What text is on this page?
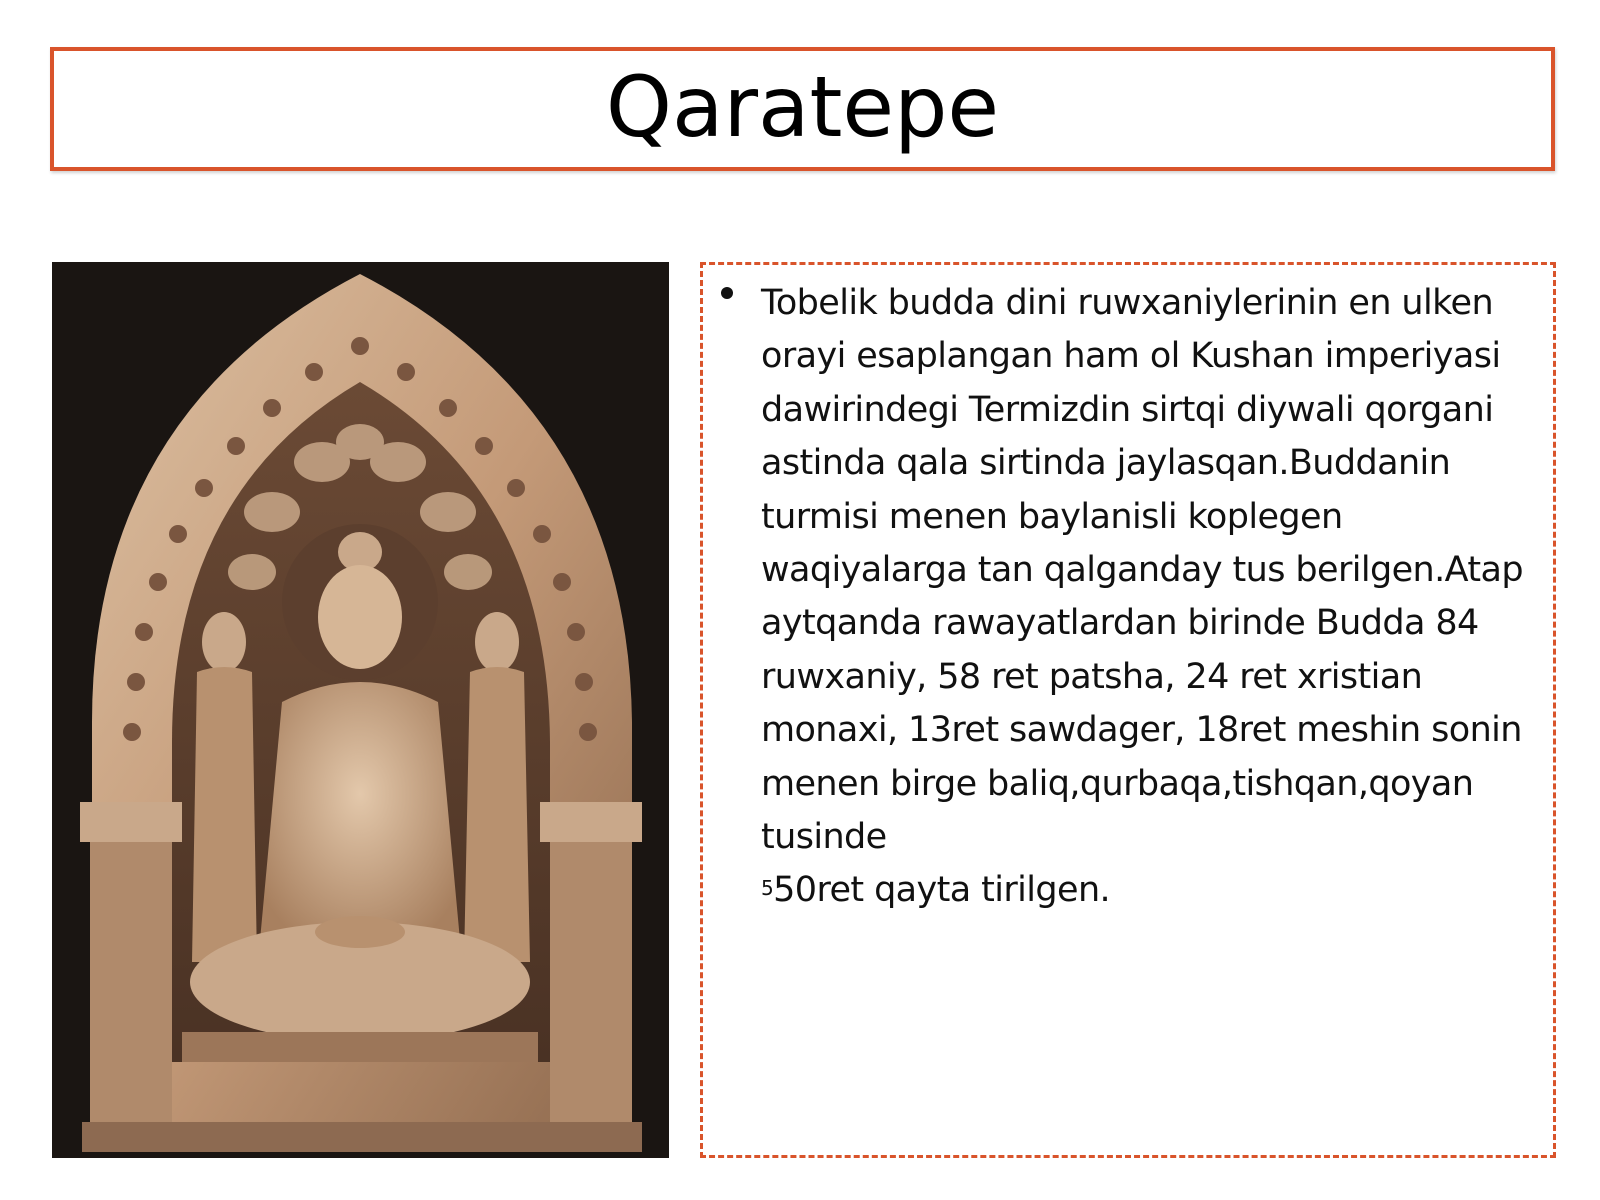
Qaratepe
Tobelik budda dini ruwxaniylerinin en ulken orayi esaplangan ham ol Kushan imperiyasi dawirindegi Termizdin sirtqi diywali qorgani astinda qala sirtinda jaylasqan.Buddanin turmisi menen baylanisli koplegen waqiyalarga tan qalganday tus berilgen.Atap aytqanda rawayatlardan birinde Budda 84 ruwxaniy, 58 ret patsha, 24 ret xristian monaxi, 13ret sawdager, 18ret meshin sonin menen birge baliq,qurbaqa,tishqan,qoyan tusinde
$^5$50ret qayta tirilgen.
